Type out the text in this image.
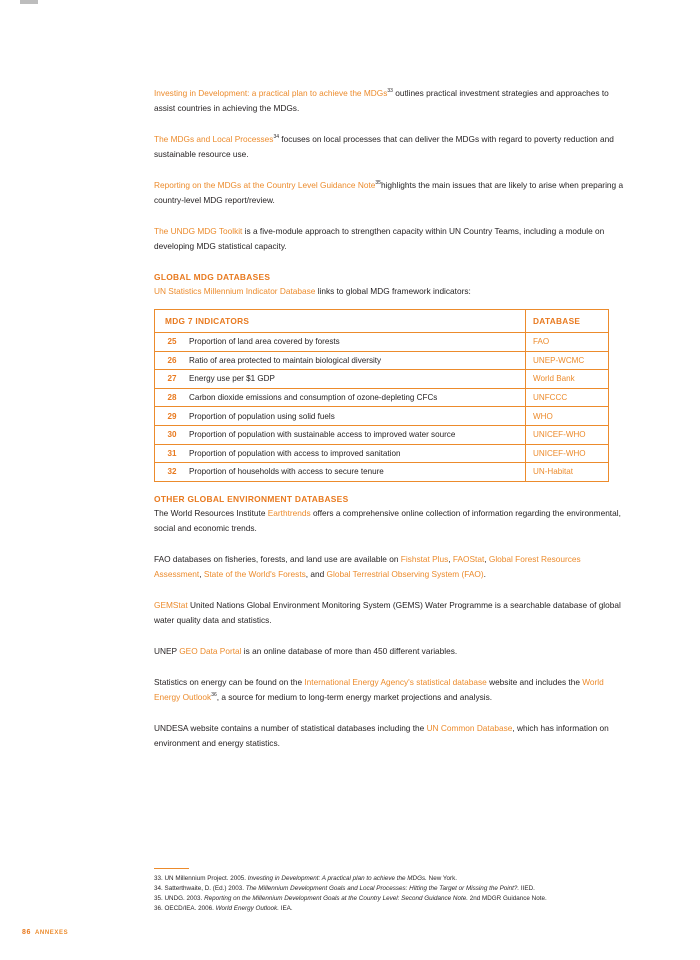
Investing in Development: a practical plan to achieve the MDGs$^{33}$ outlines practical investment strategies and approaches to assist countries in achieving the MDGs.

The MDGs and Local Processes$^{34}$ focuses on local processes that can deliver the MDGs with regard to poverty reduction and sustainable resource use.

Reporting on the MDGs at the Country Level Guidance Note$^{35}$highlights the main issues that are likely to arise when preparing a country-level MDG report/review.

The UNDG MDG Toolkit is a five-module approach to strengthen capacity within UN Country Teams, including a module on developing MDG statistical capacity.

GLOBAL MDG DATABASES

UN Statistics Millennium Indicator Database links to global MDG framework indicators:

MDG 7 INDICATORS		DATABASE
25	Proportion of land area covered by forests	FAO
26	Ratio of area protected to maintain biological diversity	UNEP-WCMC
27	Energy use per $1 GDP	World Bank
28	Carbon dioxide emissions and consumption of ozone-depleting CFCs	UNFCCC
29	Proportion of population using solid fuels	WHO
30	Proportion of population with sustainable access to improved water source	UNICEF-WHO
31	Proportion of population with access to improved sanitation	UNICEF-WHO
32	Proportion of households with access to secure tenure	UN-Habitat
OTHER GLOBAL ENVIRONMENT DATABASES

The World Resources Institute Earthtrends offers a comprehensive online collection of information regarding the environmental, social and economic trends.

FAO databases on fisheries, forests, and land use are available on Fishstat Plus, FAOStat, Global Forest Resources Assessment, State of the World's Forests, and Global Terrestrial Observing System (FAO).

GEMStat United Nations Global Environment Monitoring System (GEMS) Water Programme is a searchable database of global water quality data and statistics.

UNEP GEO Data Portal is an online database of more than 450 different variables.

Statistics on energy can be found on the International Energy Agency's statistical database website and includes the World Energy Outlook$^{36}$, a source for medium to long-term energy market projections and analysis.

UNDESA website contains a number of statistical databases including the UN Common Database, which has information on environment and energy statistics.

33. UN Millennium Project. 2005. Investing in Development: A practical plan to achieve the MDGs. New York.
34. Satterthwaite, D. (Ed.) 2003. The Millennium Development Goals and Local Processes: Hitting the Target or Missing the Point?. IIED.
35. UNDG. 2003. Reporting on the Millennium Development Goals at the Country Level: Second Guidance Note. 2nd MDGR Guidance Note.
36. OECD/IEA. 2006. World Energy Outlook. IEA.
86 ANNEXES
